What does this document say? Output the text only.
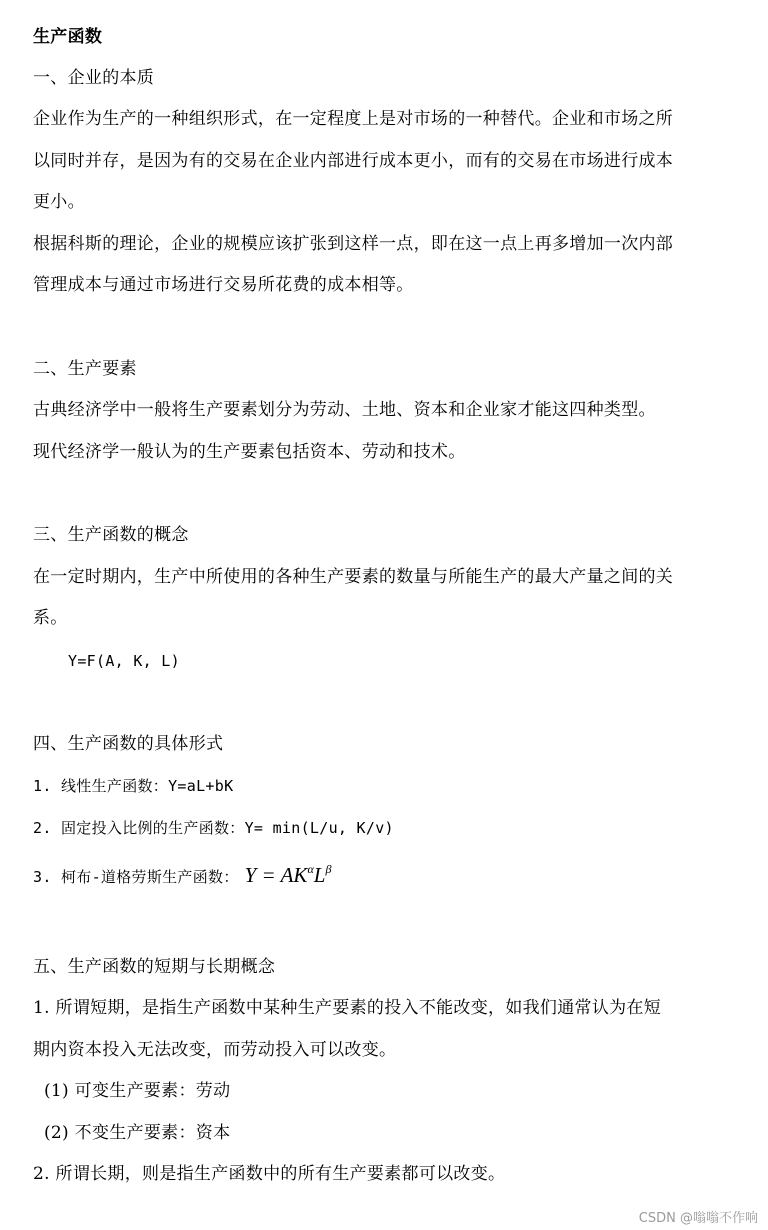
生产函数
一、企业的本质
企业作为生产的一种组织形式，在一定程度上是对市场的一种替代。企业和市场之所
以同时并存，是因为有的交易在企业内部进行成本更小，而有的交易在市场进行成本
更小。
根据科斯的理论，企业的规模应该扩张到这样一点，即在这一点上再多增加一次内部
管理成本与通过市场进行交易所花费的成本相等。
二、生产要素
古典经济学中一般将生产要素划分为劳动、土地、资本和企业家才能这四种类型。
现代经济学一般认为的生产要素包括资本、劳动和技术。
三、生产函数的概念
在一定时期内，生产中所使用的各种生产要素的数量与所能生产的最大产量之间的关
系。
Y=F(A, K, L)
四、生产函数的具体形式
1. 线性生产函数：Y=aL+bK
2. 固定投入比例的生产函数：Y= min(L/u, K/v)
3. 柯布-道格劳斯生产函数： $Y = AK^\alpha L^\beta$
五、生产函数的短期与长期概念
1. 所谓短期，是指生产函数中某种生产要素的投入不能改变，如我们通常认为在短
期内资本投入无法改变，而劳动投入可以改变。
(1) 可变生产要素：劳动
(2) 不变生产要素：资本
2. 所谓长期，则是指生产函数中的所有生产要素都可以改变。
CSDN @嗡嗡不作响
